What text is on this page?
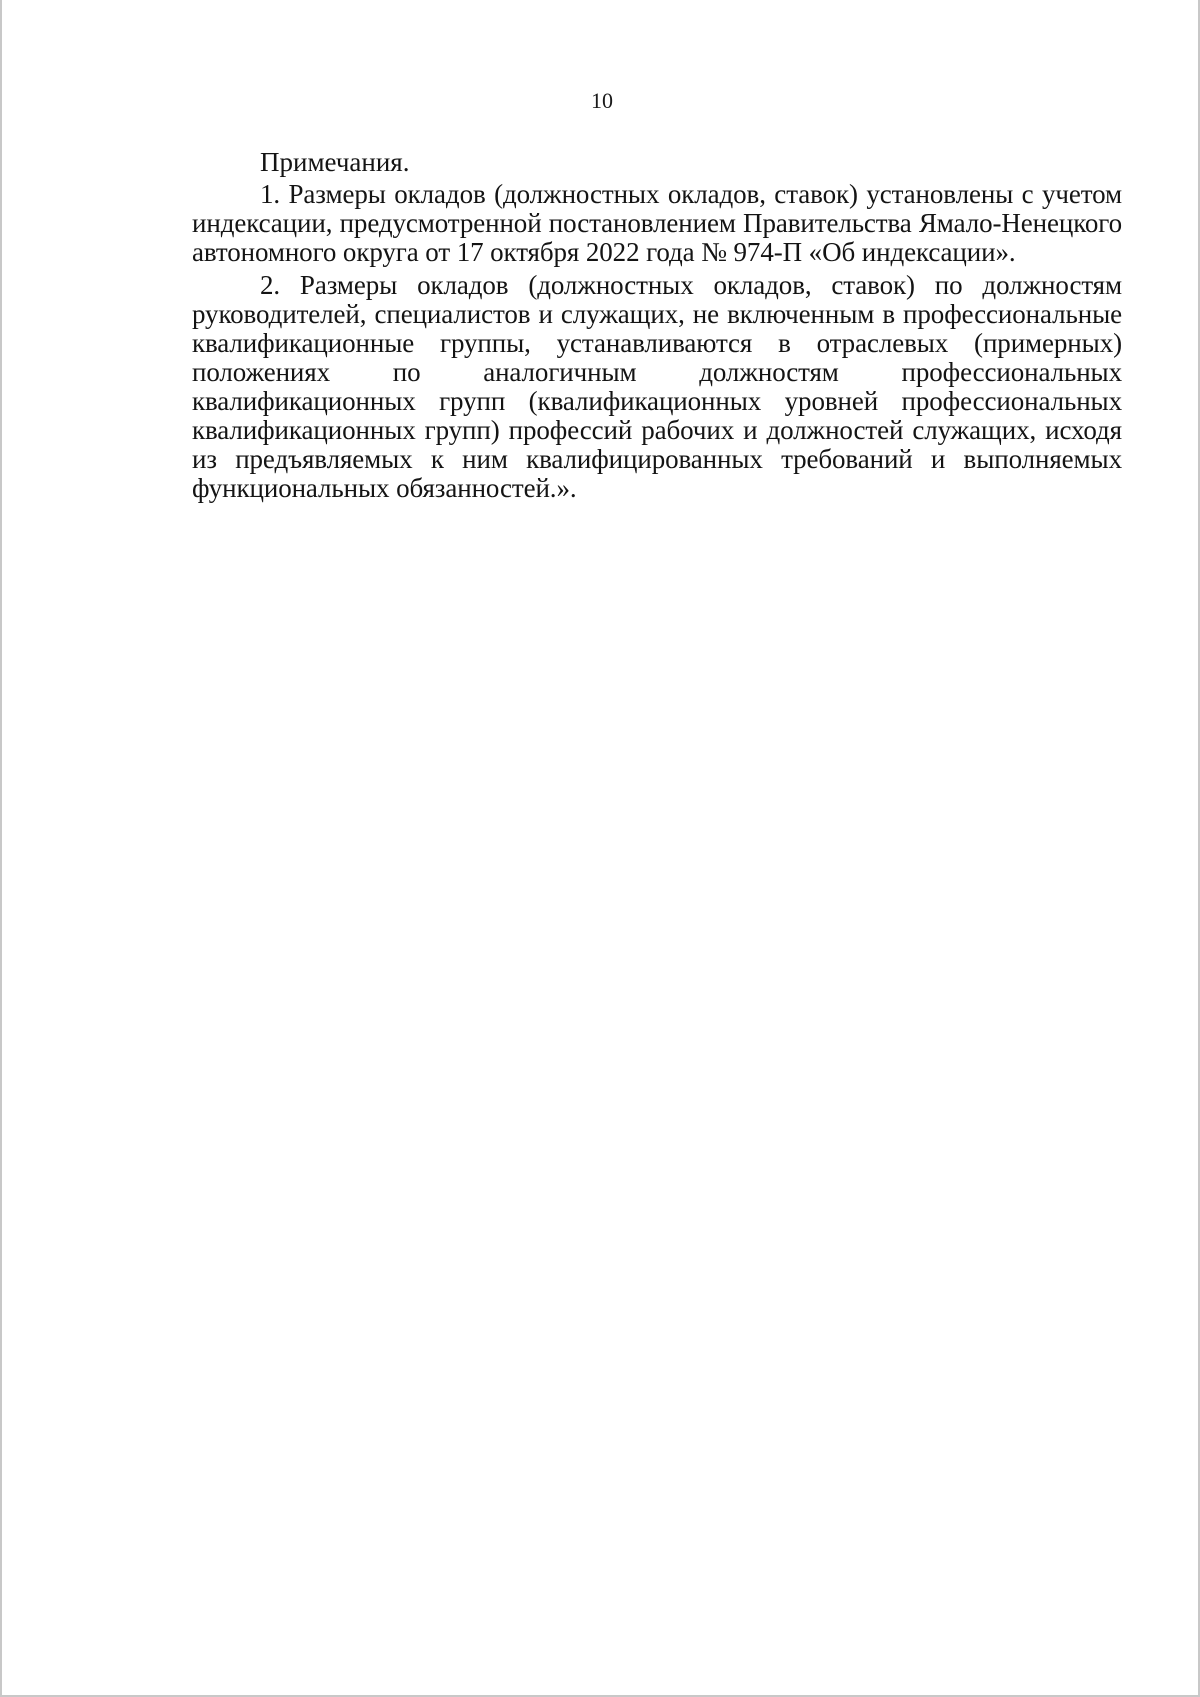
10

Примечания.

1. Размеры окладов (должностных окладов, ставок) установлены с учетом индексации, предусмотренной постановлением Правительства Ямало-Ненецкого автономного округа от 17 октября 2022 года № 974-П «Об индексации».

2. Размеры окладов (должностных окладов, ставок) по должностям руководителей, специалистов и служащих, не включенным в профессиональные квалификационные группы, устанавливаются в отраслевых (примерных) положениях по аналогичным должностям профессиональных квалификационных групп (квалификационных уровней профессиональных квалификационных групп) профессий рабочих и должностей служащих, исходя из предъявляемых к ним квалифицированных требований и выполняемых функциональных обязанностей.».
